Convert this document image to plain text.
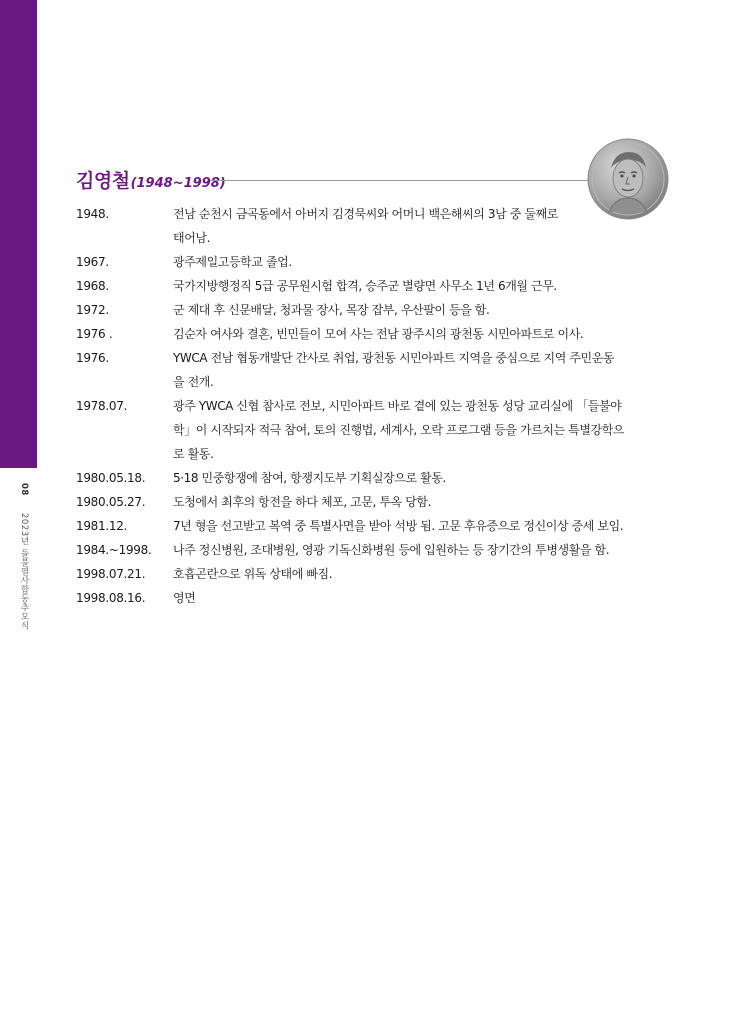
08 2023년 들불열사합동추모식
김영철 (1948~1998)
1948.	전남 순천시 금곡동에서 아버지 김경묵씨와 어머니 백은해씨의 3남 중 둘째로
태어남.
1967.	광주제일고등학교 졸업.
1968.	국가지방행정직 5급 공무원시험 합격, 승주군 별량면 사무소 1년 6개월 근무.
1972.	군 제대 후 신문배달, 청과물 장사, 목장 잡부, 우산팔이 등을 함.
1976 .	김순자 여사와 결혼, 빈민들이 모여 사는 전남 광주시의 광천동 시민아파트로 이사.
1976.	YWCA 전남 협동개발단 간사로 취업, 광천동 시민아파트 지역을 중심으로 지역 주민운동
을 전개.
1978.07.	광주 YWCA 신협 참사로 전보, 시민아파트 바로 곁에 있는 광천동 성당 교리실에 「들불야
학」이 시작되자 적극 참여, 토의 진행법, 세계사, 오락 프로그램 등을 가르치는 특별강학으
로 활동.
1980.05.18.	5·18 민중항쟁에 참여, 항쟁지도부 기획실장으로 활동.
1980.05.27.	도청에서 최후의 항전을 하다 체포, 고문, 투옥 당함.
1981.12.	7년 형을 선고받고 복역 중 특별사면을 받아 석방 됨. 고문 후유증으로 정신이상 증세 보임.
1984.~1998.	나주 정신병원, 조대병원, 영광 기독신화병원 등에 입원하는 등 장기간의 투병생활을 함.
1998.07.21.	호흡곤란으로 위독 상태에 빠짐.
1998.08.16.	영면
